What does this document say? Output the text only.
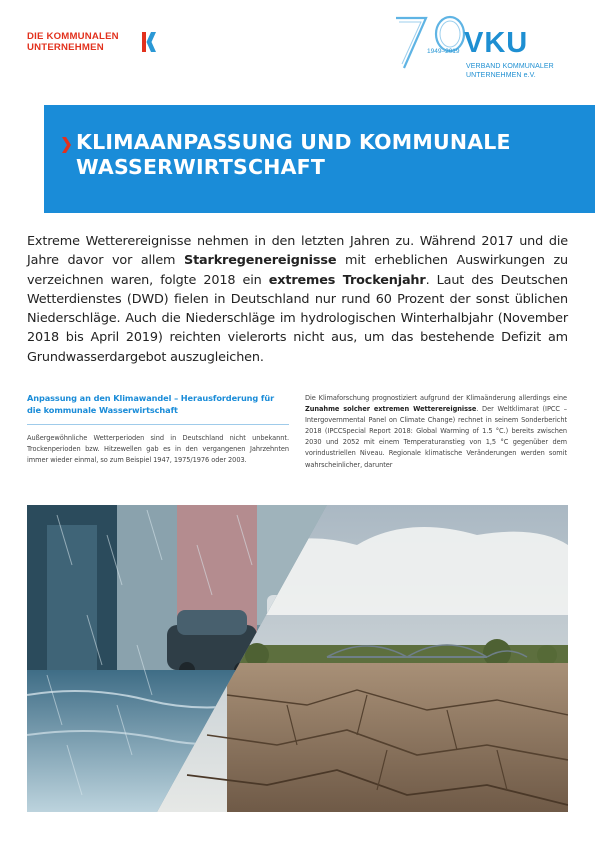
DIE KOMMUNALEN
UNTERNEHMEN	1949–2019 VKU
VERBAND KOMMUNALER
UNTERNEHMEN e.V.
KLIMAANPASSUNG UND KOMMUNALE
WASSERWIRTSCHAFT
Extreme Wetterereignisse nehmen in den letzten Jahren zu. Während 2017 und die Jahre davor vor allem Starkregenereignisse mit erheblichen Auswirkungen zu verzeichnen waren, folgte 2018 ein extremes Trockenjahr. Laut des Deutschen Wetterdienstes (DWD) fielen in Deutschland nur rund 60 Prozent der sonst üblichen Niederschläge. Auch die Niederschläge im hydrologischen Winterhalbjahr (November 2018 bis April 2019) reichten vielerorts nicht aus, um das bestehende Defizit am Grundwasserdargebot auszugleichen.
Anpassung an den Klimawandel – Herausforderung für die kommunale Wasserwirtschaft

Außergewöhnliche Wetterperioden sind in Deutschland nicht unbekannt. Trockenperioden bzw. Hitzewellen gab es in den vergangenen Jahrzehnten immer wieder einmal, so zum Beispiel 1947, 1975/1976 oder 2003.

Die Klimaforschung prognostiziert aufgrund der Klimaänderung allerdings eine Zunahme solcher extremen Wetterereignisse. Der Weltklimarat (IPCC – Intergovernmental Panel on Climate Change) rechnet in seinem Sonderbericht 2018 (IPCCSpecial Report 2018: Global Warming of 1.5 °C.) bereits zwischen 2030 und 2052 mit einem Temperaturanstieg von 1,5 °C gegenüber dem vorindustriellen Niveau. Regionale klimatische Veränderungen werden somit wahrscheinlicher, darunter
